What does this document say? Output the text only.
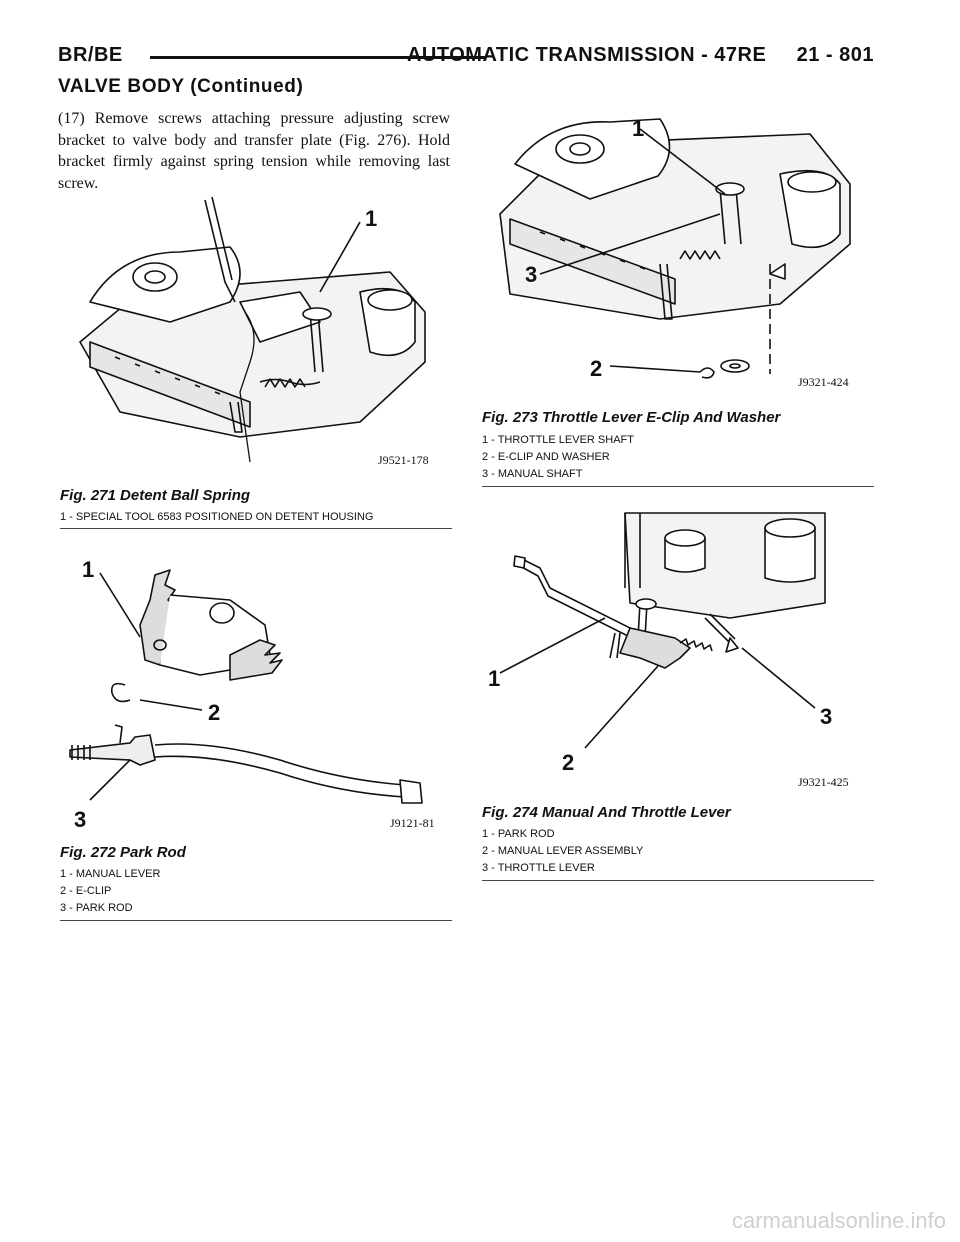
BR/BE	AUTOMATIC TRANSMISSION - 47RE     21 - 801
VALVE BODY (Continued)
(17) Remove screws attaching pressure adjusting screw bracket to valve body and transfer plate (Fig. 276). Hold bracket firmly against spring tension while removing last screw.
1
J9521-178
Fig. 271 Detent Ball Spring
1 - SPECIAL TOOL 6583 POSITIONED ON DETENT HOUSING
1
2
3	J9121-81
Fig. 272 Park Rod
1 - MANUAL LEVER
2 - E-CLIP
3 - PARK ROD
1
3
2
J9321-424
Fig. 273 Throttle Lever E-Clip And Washer
1 - THROTTLE LEVER SHAFT
2 - E-CLIP AND WASHER
3 - MANUAL SHAFT
1
2
3
J9321-425
Fig. 274 Manual And Throttle Lever
1 - PARK ROD
2 - MANUAL LEVER ASSEMBLY
3 - THROTTLE LEVER
carmanualsonline.info
